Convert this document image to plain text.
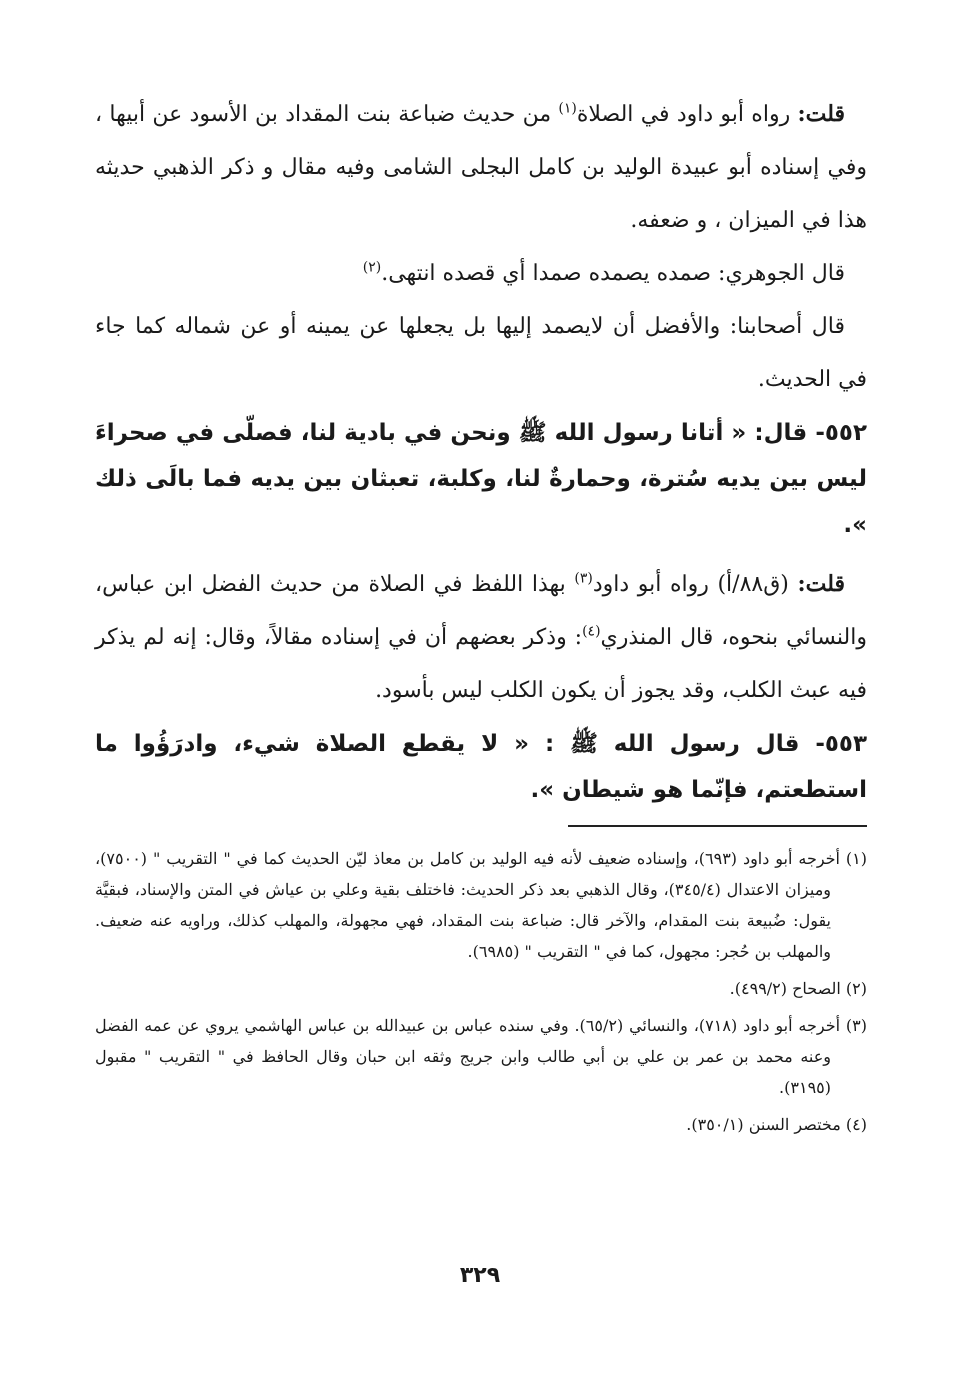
قلت: رواه أبو داود في الصلاة$^{(١)}$ من حديث ضباعة بنت المقداد بن الأسود عن أبيها ، وفي إسناده أبو عبيدة الوليد بن كامل البجلى الشامى وفيه مقال و ذكر الذهبي حديثه هذا في الميزان ، و ضعفه.

قال الجوهري: صمده يصمده صمدا أي قصده انتهى.$^{(٢)}$

قال أصحابنا: والأفضل أن لايصمد إليها بل يجعلها عن يمينه أو عن شماله كما جاء في الحديث.

٥٥٢- قال: « أتانا رسول الله ﷺ ونحن في بادية لنا، فصلّى في صحراءَ ليس بين يديه سُترة، وحمارةٌ لنا، وكلبة، تعبثان بين يديه فما بالَى ذلك ».

قلت: (ق٨٨/أ) رواه أبو داود$^{(٣)}$ بهذا اللفظ في الصلاة من حديث الفضل ابن عباس، والنسائي بنحوه، قال المنذري$^{(٤)}$: وذكر بعضهم أن في إسناده مقالاً، وقال: إنه لم يذكر فيه عبث الكلب، وقد يجوز أن يكون الكلب ليس بأسود.

٥٥٣- قال رسول الله ﷺ : « لا يقطع الصلاة شيء، وادرَؤُوا ما استطعتم، فإنّما هو شيطان ».

(١) أخرجه أبو داود (٦٩٣)، وإسناده ضعيف لأنه فيه الوليد بن كامل بن معاذ ليّن الحديث كما في " التقريب " (٧٥٠٠)، وميزان الاعتدال (٣٤٥/٤)، وقال الذهبي بعد ذكر الحديث: فاختلف بقية وعلي بن عياش في المتن والإسناد، فبقيَّة يقول: ضُبيعة بنت المقدام، والآخر قال: ضباعة بنت المقداد، فهي مجهولة، والمهلب كذلك، وراويه عنه ضعيف. والمهلب بن حُجر: مجهول، كما في " التقريب " (٦٩٨٥).

(٢) الصحاح (٤٩٩/٢).

(٣) أخرجه أبو داود (٧١٨)، والنسائي (٦٥/٢). وفي سنده عباس بن عبيدالله بن عباس الهاشمي يروي عن عمه الفضل وعنه محمد بن عمر بن علي بن أبي طالب وابن جريج وثقه ابن حبان وقال الحافظ في " التقريب " مقبول (٣١٩٥).

(٤) مختصر السنن (٣٥٠/١).

٣٢٩
